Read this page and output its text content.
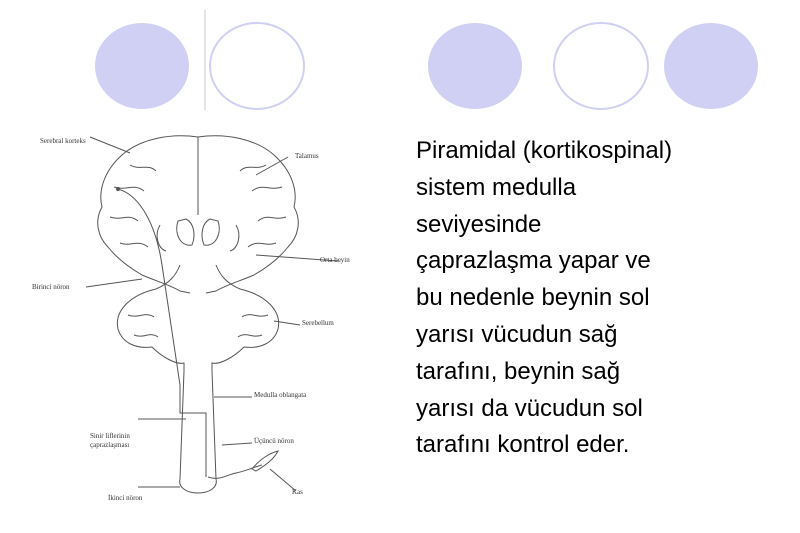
Serebral korteks
Talamus
Orta beyin
Birinci nöron
Serebellum
Medulla oblangata
Sinir liflerinin
çaprazlaşması	Üçüncü nöron
İkinci nöron
Kas

Piramidal (kortikospinal)

sistem medulla

seviyesinde

çaprazlaşma yapar ve

bu nedenle beynin sol

yarısı vücudun sağ

tarafını, beynin sağ

yarısı da vücudun sol

tarafını kontrol eder.
